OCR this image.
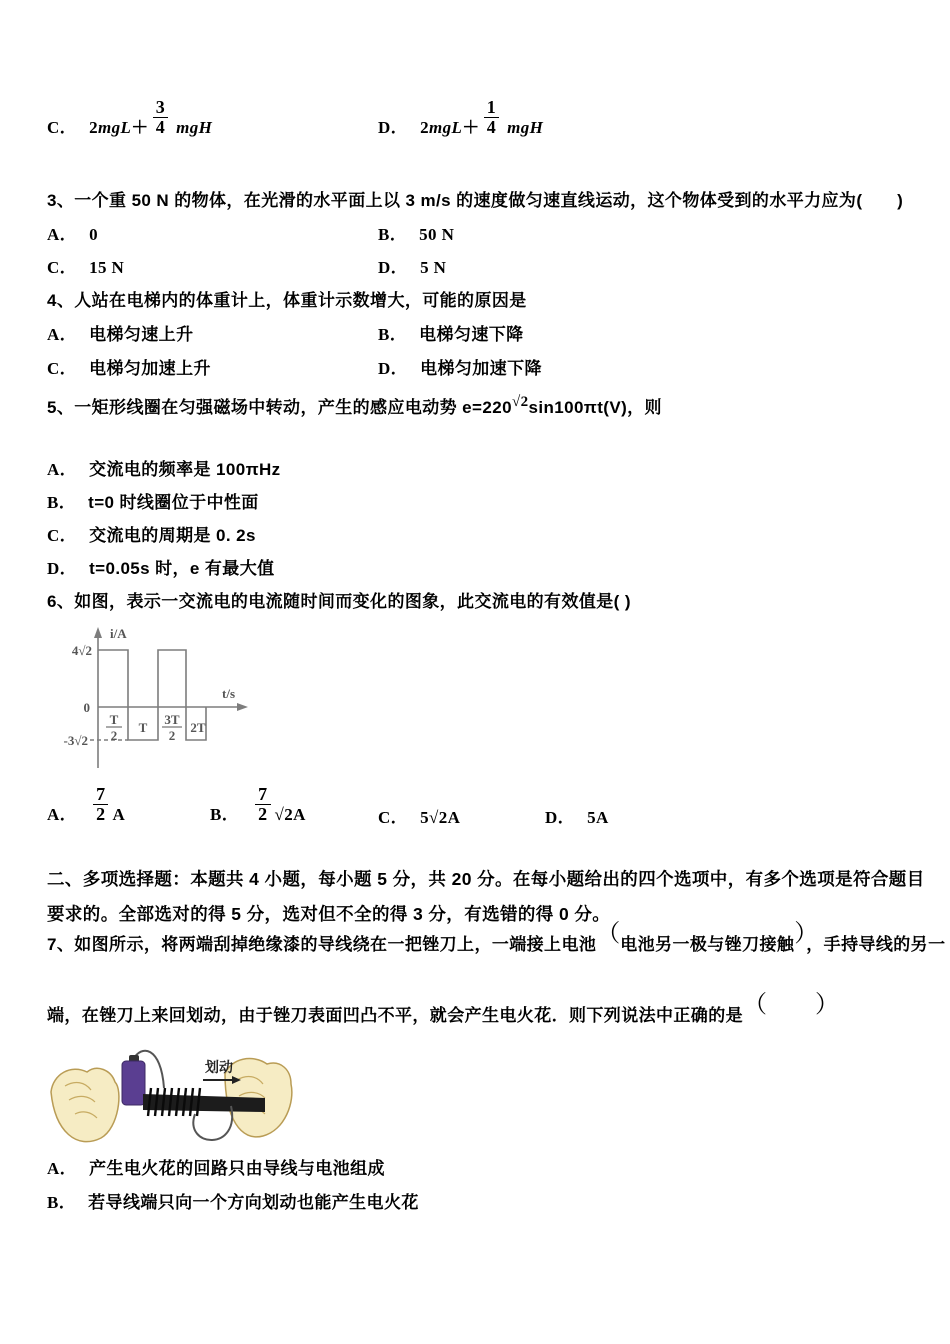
C． $2mgL+ \frac{3}{4}$ mgH	D． $2mgL+ \frac{1}{4}$ mgH
3、一个重 50 N 的物体，在光滑的水平面上以 3 m/s 的速度做匀速直线运动，这个物体受到的水平力应为(　　)
A． 0	B． 50 N
C． 15 N	D． 5 N
4、人站在电梯内的体重计上，体重计示数增大，可能的原因是
A． 电梯匀速上升	B． 电梯匀速下降
C． 电梯匀加速上升	D． 电梯匀加速下降
5、一矩形线圈在匀强磁场中转动，产生的感应电动势 e=220√2sin100πt(V)，则
A． 交流电的频率是 100πHz
B． t=0 时线圈位于中性面
C． 交流电的周期是 0. 2s
D． t=0.05s 时，e 有最大值
6、如图，表示一交流电的电流随时间而变化的图象，此交流电的有效值是( )
i/A
t/s
4√2
0
-3√2
T
2
T
3T
2
2T
A． $\frac{7}{2}$ A	B． $\frac{7}{2} √2A$	C． 5√2A	D． 5A
二、多项选择题：本题共 4 小题，每小题 5 分，共 20 分。在每小题给出的四个选项中，有多个选项是符合题目要求的。全部选对的得 5 分，选对但不全的得 3 分，有选错的得 0 分。
7、如图所示，将两端刮掉绝缘漆的导线绕在一把锉刀上，一端接上电池（电池另一极与锉刀接触），手持导线的另一
端，在锉刀上来回划动，由于锉刀表面凹凸不平，就会产生电火花．则下列说法中正确的是（　　）
划动
A． 产生电火花的回路只由导线与电池组成
B． 若导线端只向一个方向划动也能产生电火花
